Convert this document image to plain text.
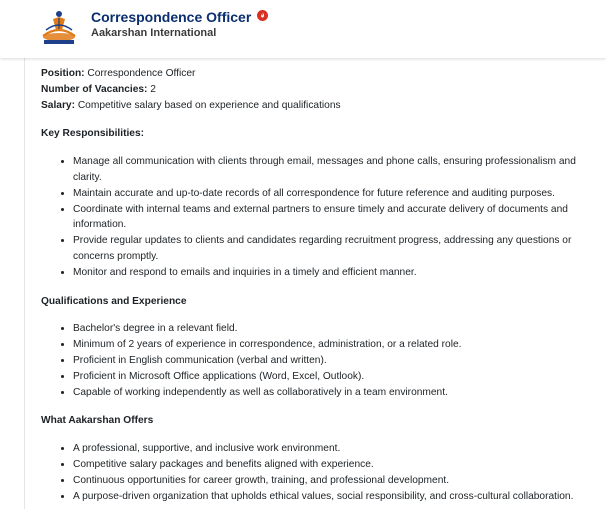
Correspondence Officer
Aakarshan International

Position: Correspondence Officer

Number of Vacancies: 2

Salary: Competitive salary based on experience and qualifications

Key Responsibilities:
• Manage all communication with clients through email, messages and phone calls, ensuring professionalism and clarity.
• Maintain accurate and up-to-date records of all correspondence for future reference and auditing purposes.
• Coordinate with internal teams and external partners to ensure timely and accurate delivery of documents and information.
• Provide regular updates to clients and candidates regarding recruitment progress, addressing any questions or concerns promptly.
• Monitor and respond to emails and inquiries in a timely and efficient manner.
Qualifications and Experience
• Bachelor's degree in a relevant field.
• Minimum of 2 years of experience in correspondence, administration, or a related role.
• Proficient in English communication (verbal and written).
• Proficient in Microsoft Office applications (Word, Excel, Outlook).
• Capable of working independently as well as collaboratively in a team environment.
What Aakarshan Offers
• A professional, supportive, and inclusive work environment.
• Competitive salary packages and benefits aligned with experience.
• Continuous opportunities for career growth, training, and professional development.
• A purpose-driven organization that upholds ethical values, social responsibility, and cross-cultural collaboration.
